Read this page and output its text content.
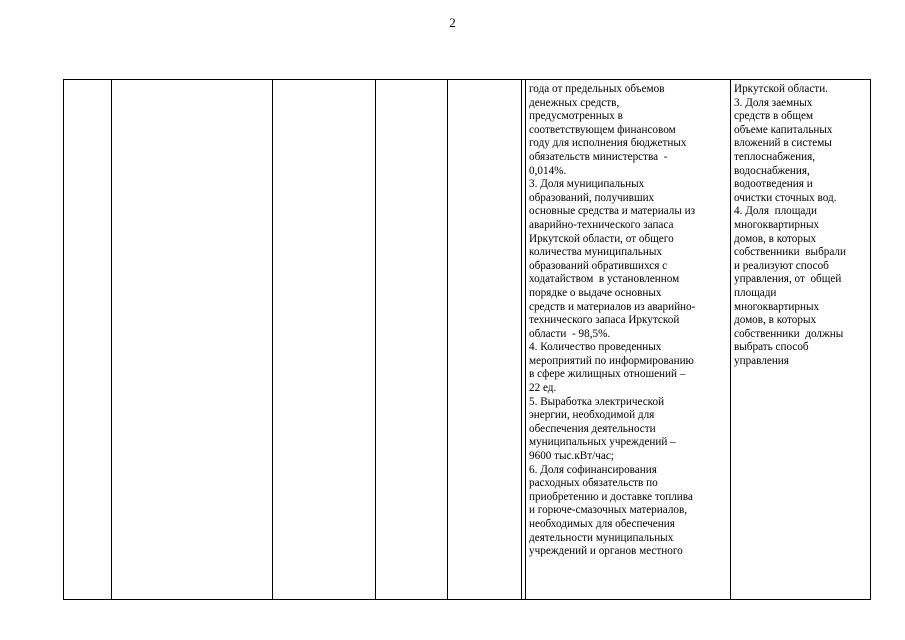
2
года от предельных объемов
денежных средств,
предусмотренных в
соответствующем финансовом
году для исполнения бюджетных
обязательств министерства  -
0,014%.
3. Доля муниципальных
образований, получивших
основные средства и материалы из
аварийно-технического запаса
Иркутской области, от общего
количества муниципальных
образований обратившихся с
ходатайством  в установленном
порядке о выдаче основных
средств и материалов из аварийно-
технического запаса Иркутской
области  - 98,5%.
4. Количество проведенных
мероприятий по информированию
в сфере жилищных отношений –
22 ед.
5. Выработка электрической
энергии, необходимой для
обеспечения деятельности
муниципальных учреждений –
9600 тыс.кВт/час;
6. Доля софинансирования
расходных обязательств по
приобретению и доставке топлива
и горюче-смазочных материалов,
необходимых для обеспечения
деятельности муниципальных
учреждений и органов местного
Иркутской области.
3. Доля заемных
средств в общем
объеме капитальных
вложений в системы
теплоснабжения,
водоснабжения,
водоотведения и
очистки сточных вод.
4. Доля  площади
многоквартирных
домов, в которых
собственники  выбрали
и реализуют способ
управления, от  общей
площади
многоквартирных
домов, в которых
собственники  должны
выбрать способ
управления
